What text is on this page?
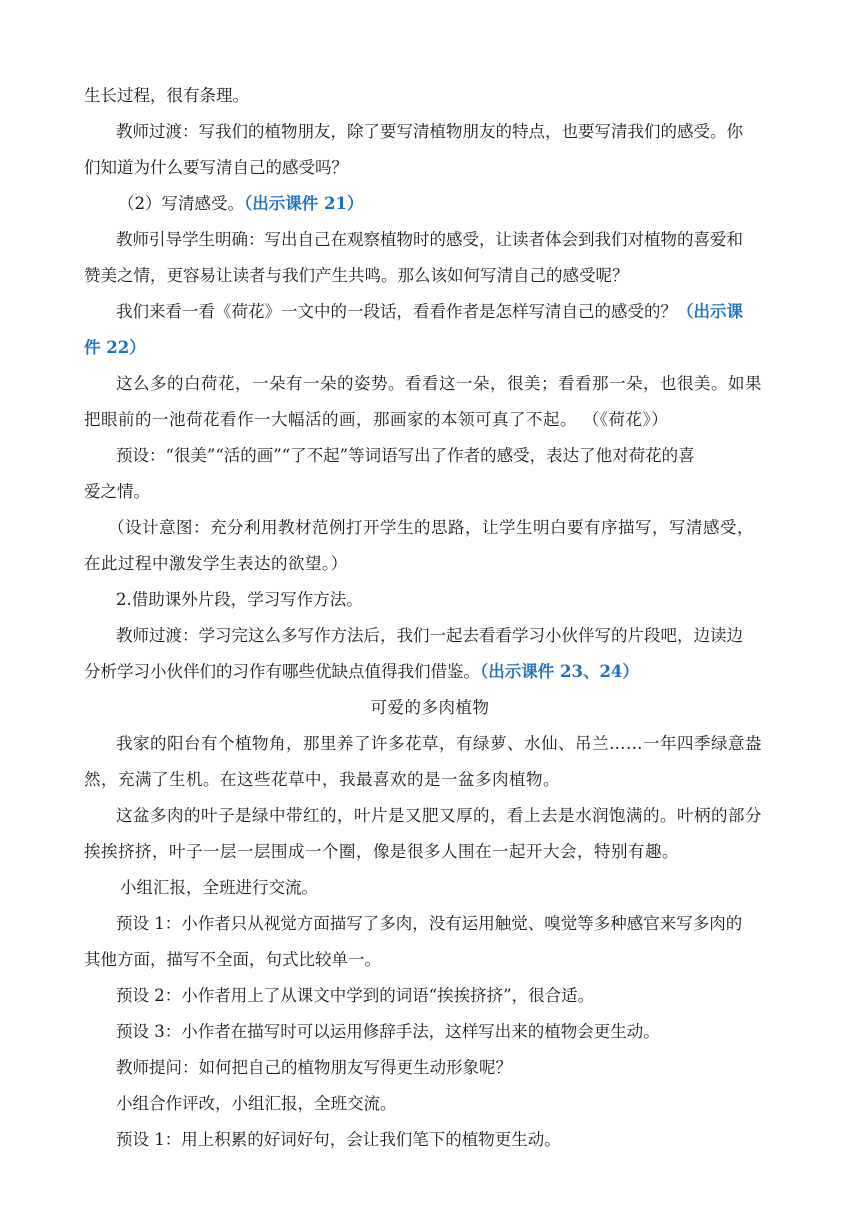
生长过程，很有条理。
教师过渡：写我们的植物朋友，除了要写清植物朋友的特点，也要写清我们的感受。你
们知道为什么要写清自己的感受吗？
（2）写清感受。（出示课件 21）
教师引导学生明确：写出自己在观察植物时的感受，让读者体会到我们对植物的喜爱和
赞美之情，更容易让读者与我们产生共鸣。那么该如何写清自己的感受呢？
我们来看一看《荷花》一文中的一段话，看看作者是怎样写清自己的感受的？（出示课
件 22）
这么多的白荷花，一朵有一朵的姿势。看看这一朵，很美；看看那一朵，也很美。如果
把眼前的一池荷花看作一大幅活的画，那画家的本领可真了不起。 （《荷花》）
预设：“很美”“活的画”“了不起”等词语写出了作者的感受，表达了他对荷花的喜
爱之情。
（设计意图：充分利用教材范例打开学生的思路，让学生明白要有序描写，写清感受，
在此过程中激发学生表达的欲望。）
2.借助课外片段，学习写作方法。
教师过渡：学习完这么多写作方法后，我们一起去看看学习小伙伴写的片段吧，边读边
分析学习小伙伴们的习作有哪些优缺点值得我们借鉴。（出示课件 23、24）
可爱的多肉植物
我家的阳台有个植物角，那里养了许多花草，有绿萝、水仙、吊兰……一年四季绿意盎
然，充满了生机。在这些花草中，我最喜欢的是一盆多肉植物。
这盆多肉的叶子是绿中带红的，叶片是又肥又厚的，看上去是水润饱满的。叶柄的部分
挨挨挤挤，叶子一层一层围成一个圈，像是很多人围在一起开大会，特别有趣。
小组汇报，全班进行交流。
预设 1：小作者只从视觉方面描写了多肉，没有运用触觉、嗅觉等多种感官来写多肉的
其他方面，描写不全面，句式比较单一。
预设 2：小作者用上了从课文中学到的词语“挨挨挤挤”，很合适。
预设 3：小作者在描写时可以运用修辞手法，这样写出来的植物会更生动。
教师提问：如何把自己的植物朋友写得更生动形象呢？
小组合作评改，小组汇报，全班交流。
预设 1：用上积累的好词好句，会让我们笔下的植物更生动。
